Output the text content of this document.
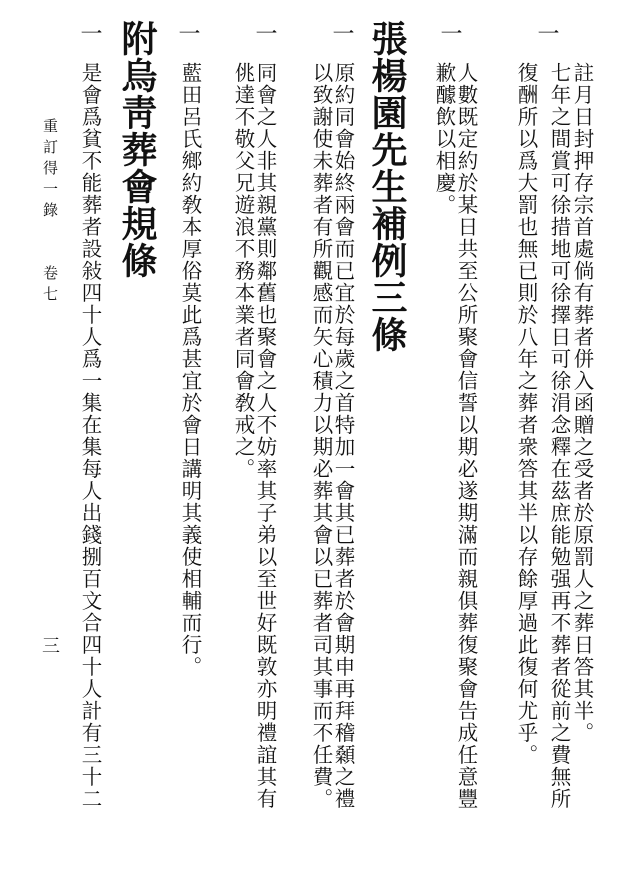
一
註月日封押存宗首處倘有葬者併入函贈之受者於原罰人之葬日答其半。
七年之間賞可徐措地可徐擇日可徐涓念釋在茲庶能勉强再不葬者從前之費無所
復酬所以爲大罰也無已則於八年之葬者衆答其半以存餘厚過此復何尤乎。
人數既定約於某日共至公所聚會信誓以期必遂期滿而親俱葬復聚會告成任意豐
歉醵飲以相慶。
一
張楊園先生補例三條
一
原約同會始終兩會而已宜於每歲之首特加一會其已葬者於會期申再拜稽顙之禮
以致謝使未葬者有所觀感而矢心積力以期必葬其會以已葬者司其事而不任費。
一
同會之人非其親黨則鄰舊也聚會之人不妨率其子弟以至世好既敦亦明禮誼其有
佻達不敬父兄遊浪不務本業者同會敎戒之。
一
藍田呂氏鄉約敎本厚俗莫此爲甚宜於會日講明其義使相輔而行。
附烏靑葬會規條
一
是會爲貧不能葬者設敍四十人爲一集在集每人出錢捌百文合四十人計有三十二
重訂得一錄
卷七
三
